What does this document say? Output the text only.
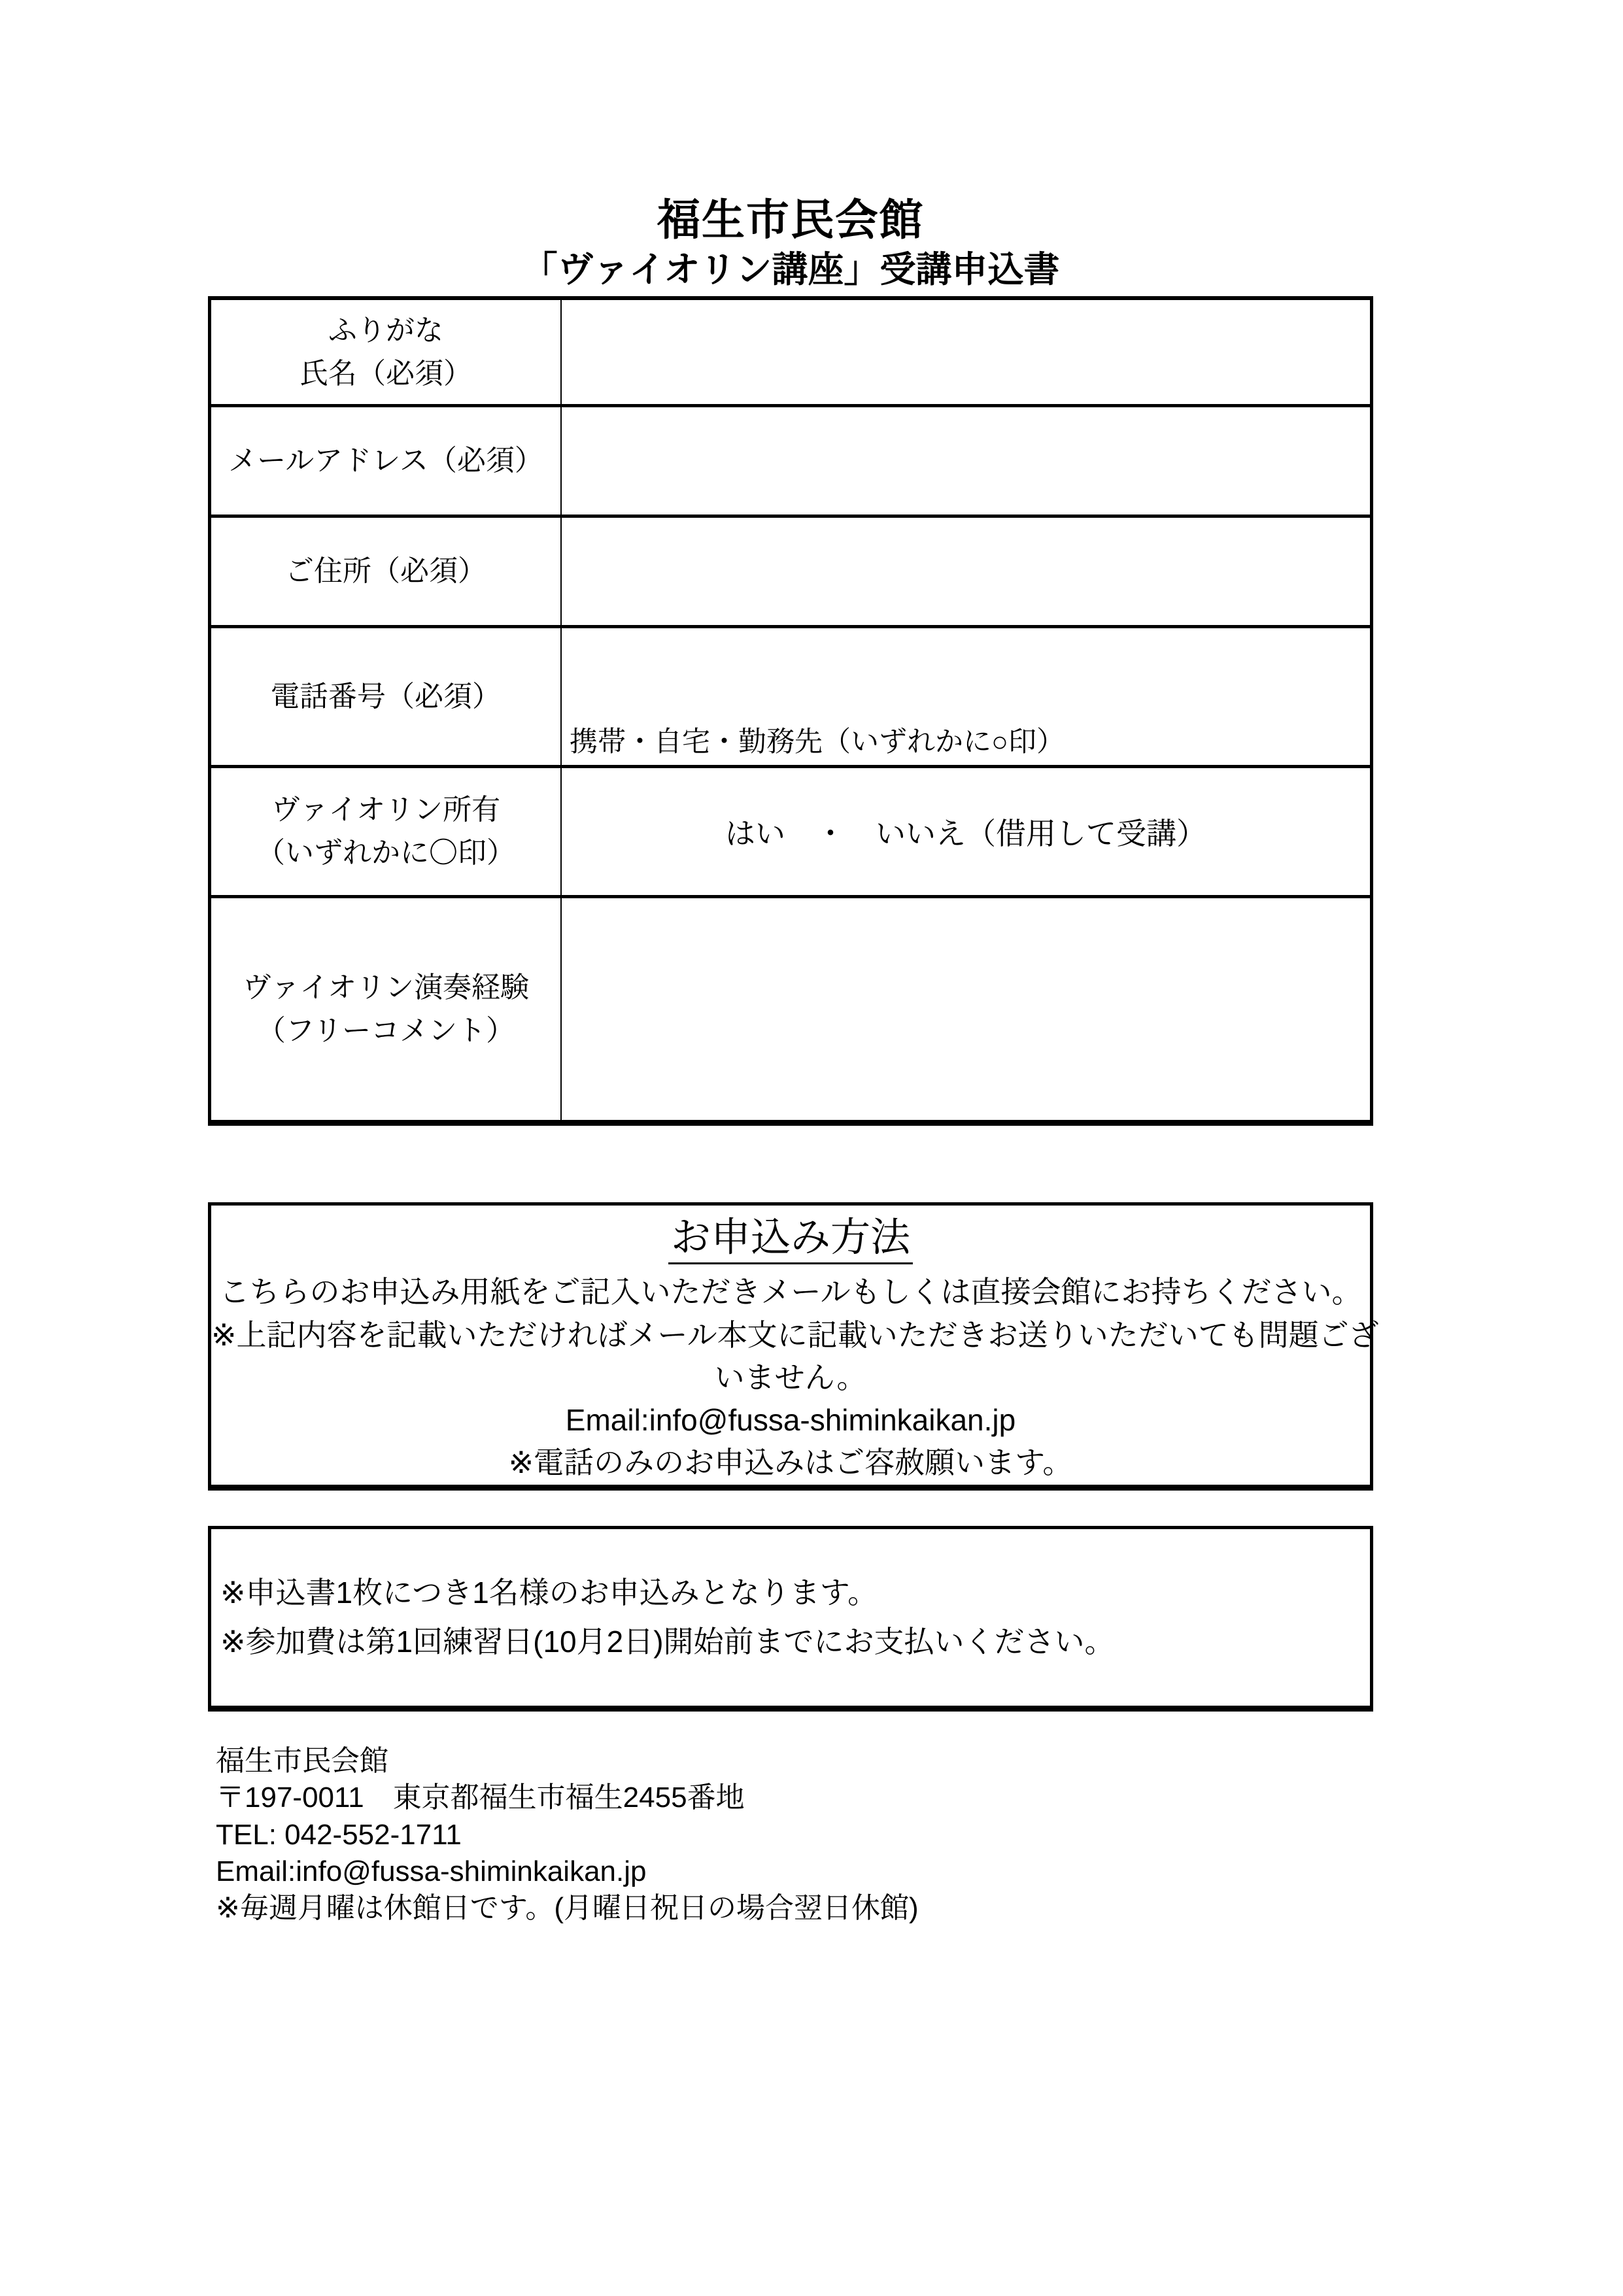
福生市民会館
「ヴァイオリン講座」受講申込書
ふりがな
氏名（必須）
メールアドレス（必須）
ご住所（必須）
電話番号（必須）
携帯・自宅・勤務先（いずれかに○印）
ヴァイオリン所有
（いずれかに〇印）
はい　・　いいえ（借用して受講）
ヴァイオリン演奏経験
（フリーコメント）
お申込み方法
こちらのお申込み用紙をご記入いただきメールもしくは直接会館にお持ちください。
※上記内容を記載いただければメール本文に記載いただきお送りいただいても問題ござ
いません。
Email:info@fussa-shiminkaikan.jp
※電話のみのお申込みはご容赦願います。
※申込書1枚につき1名様のお申込みとなります。
※参加費は第1回練習日(10月2日)開始前までにお支払いください。
福生市民会館
〒197-0011　東京都福生市福生2455番地
TEL: 042-552-1711
Email:info@fussa-shiminkaikan.jp
※毎週月曜は休館日です。(月曜日祝日の場合翌日休館)
